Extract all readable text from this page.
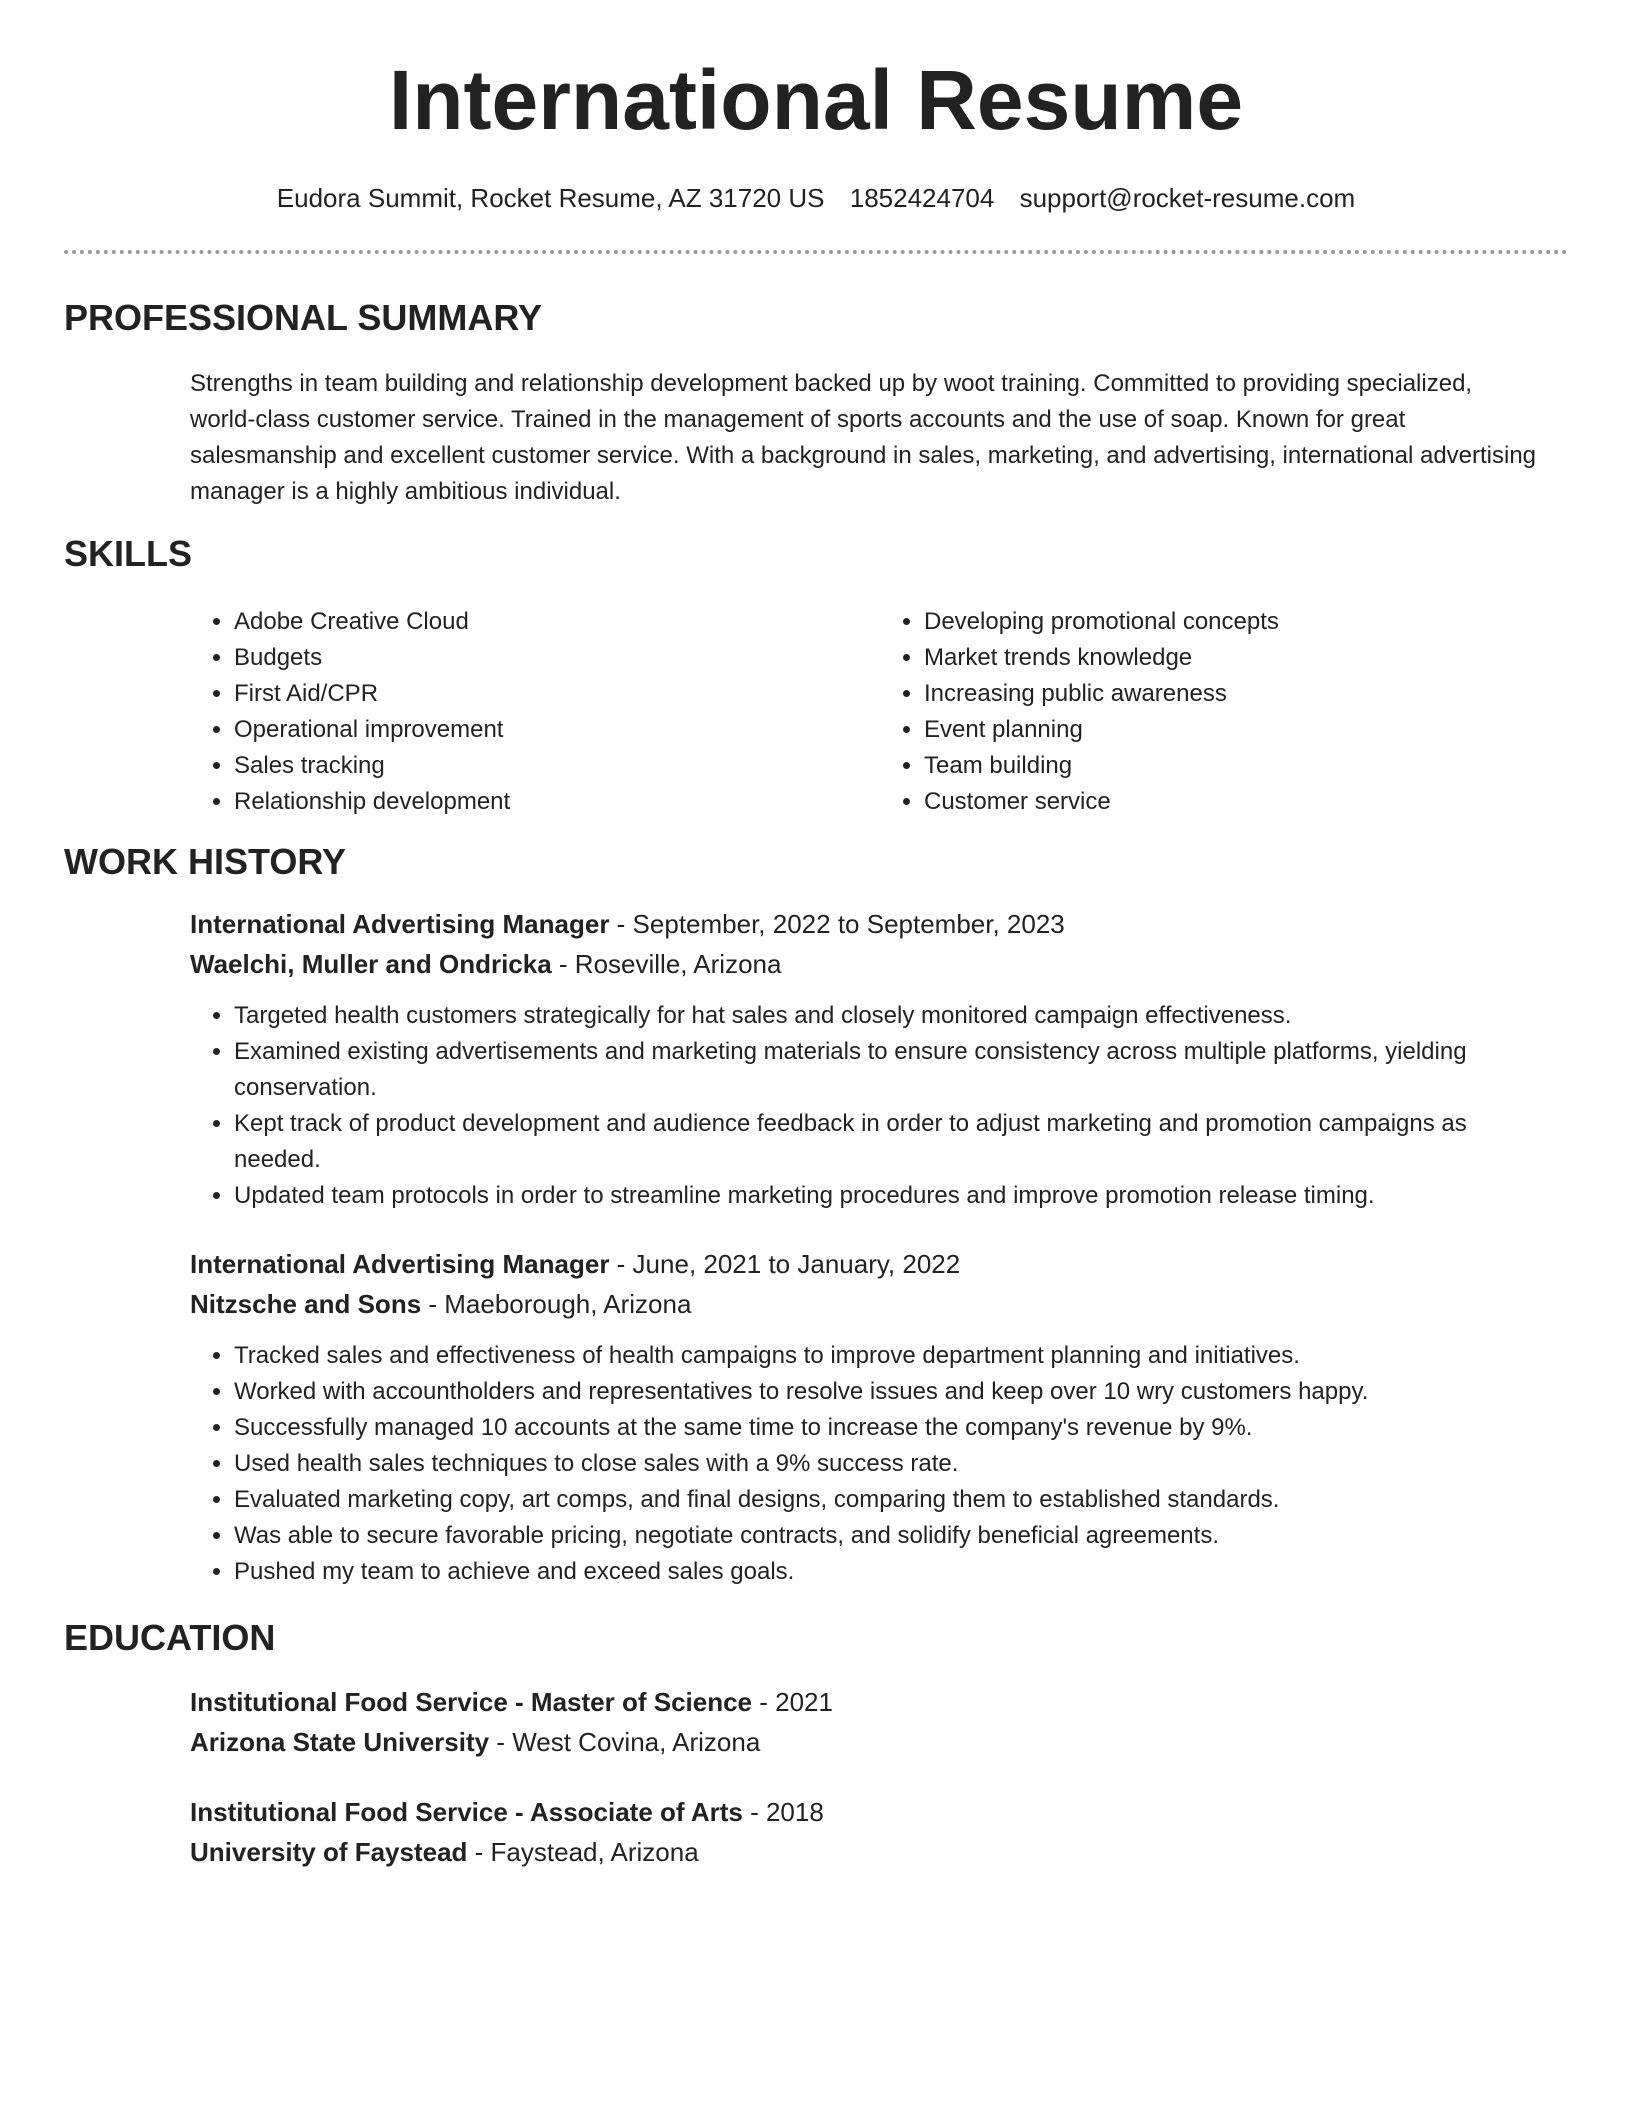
International Resume
Eudora Summit, Rocket Resume, AZ 31720 US 1852424704 support@rocket-resume.com
PROFESSIONAL SUMMARY

Strengths in team building and relationship development backed up by woot training. Committed to providing specialized, world-class customer service. Trained in the management of sports accounts and the use of soap. Known for great salesmanship and excellent customer service. With a background in sales, marketing, and advertising, international advertising manager is a highly ambitious individual.

SKILLS
• Adobe Creative Cloud
• Budgets
• First Aid/CPR
• Operational improvement
• Sales tracking
• Relationship development
• Developing promotional concepts
• Market trends knowledge
• Increasing public awareness
• Event planning
• Team building
• Customer service
WORK HISTORY
International Advertising Manager - September, 2022 to September, 2023
Waelchi, Muller and Ondricka - Roseville, Arizona
• Targeted health customers strategically for hat sales and closely monitored campaign effectiveness.
• Examined existing advertisements and marketing materials to ensure consistency across multiple platforms, yielding conservation.
• Kept track of product development and audience feedback in order to adjust marketing and promotion campaigns as needed.
• Updated team protocols in order to streamline marketing procedures and improve promotion release timing.
International Advertising Manager - June, 2021 to January, 2022
Nitzsche and Sons - Maeborough, Arizona
• Tracked sales and effectiveness of health campaigns to improve department planning and initiatives.
• Worked with accountholders and representatives to resolve issues and keep over 10 wry customers happy.
• Successfully managed 10 accounts at the same time to increase the company's revenue by 9%.
• Used health sales techniques to close sales with a 9% success rate.
• Evaluated marketing copy, art comps, and final designs, comparing them to established standards.
• Was able to secure favorable pricing, negotiate contracts, and solidify beneficial agreements.
• Pushed my team to achieve and exceed sales goals.
EDUCATION
Institutional Food Service - Master of Science - 2021
Arizona State University - West Covina, Arizona
Institutional Food Service - Associate of Arts - 2018
University of Faystead - Faystead, Arizona
